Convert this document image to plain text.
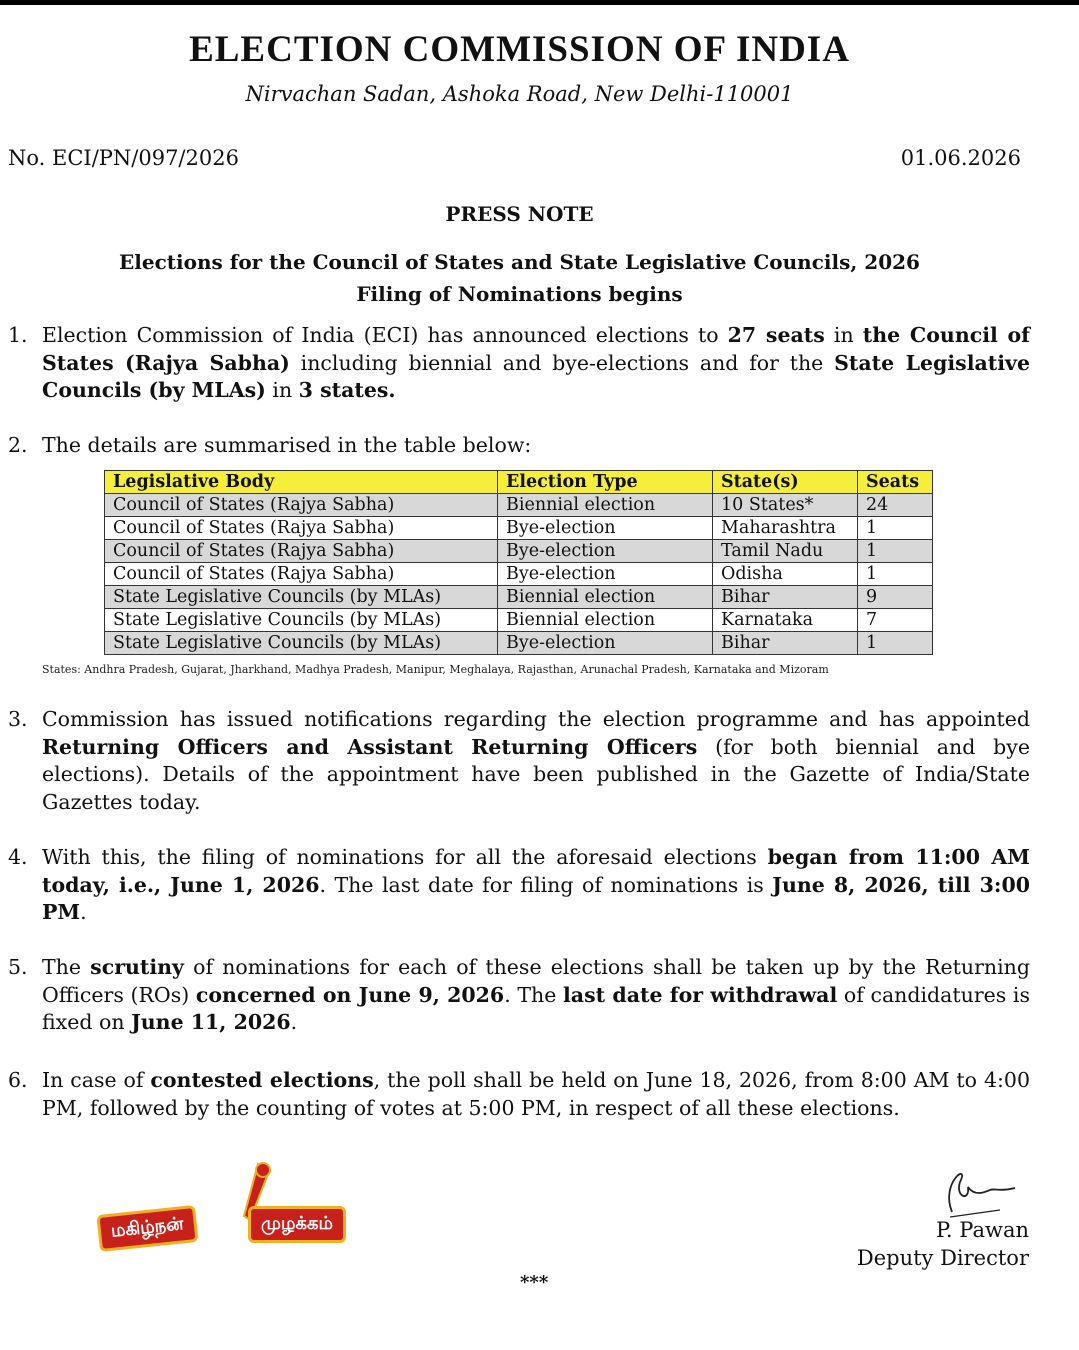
ELECTION COMMISSION OF INDIA
Nirvachan Sadan, Ashoka Road, New Delhi-110001
No. ECI/PN/097/2026	01.06.2026
PRESS NOTE
Elections for the Council of States and State Legislative Councils, 2026
Filing of Nominations begins
1. Election Commission of India (ECI) has announced elections to 27 seats in the Council of States (Rajya Sabha) including biennial and bye-elections and for the State Legislative Councils (by MLAs) in 3 states.
2. The details are summarised in the table below:
Legislative Body	Election Type	State(s)	Seats
Council of States (Rajya Sabha)	Biennial election	10 States*	24
Council of States (Rajya Sabha)	Bye-election	Maharashtra	1
Council of States (Rajya Sabha)	Bye-election	Tamil Nadu	1
Council of States (Rajya Sabha)	Bye-election	Odisha	1
State Legislative Councils (by MLAs)	Biennial election	Bihar	9
State Legislative Councils (by MLAs)	Biennial election	Karnataka	7
State Legislative Councils (by MLAs)	Bye-election	Bihar	1
States: Andhra Pradesh, Gujarat, Jharkhand, Madhya Pradesh, Manipur, Meghalaya, Rajasthan, Arunachal Pradesh, Karnataka and Mizoram
3. Commission has issued notifications regarding the election programme and has appointed Returning Officers and Assistant Returning Officers (for both biennial and bye elections). Details of the appointment have been published in the Gazette of India/State Gazettes today.
4. With this, the filing of nominations for all the aforesaid elections began from 11:00 AM today, i.e., June 1, 2026. The last date for filing of nominations is June 8, 2026, till 3:00 PM.
5. The scrutiny of nominations for each of these elections shall be taken up by the Returning Officers (ROs) concerned on June 9, 2026. The last date for withdrawal of candidatures is fixed on June 11, 2026.
6. In case of contested elections, the poll shall be held on June 18, 2026, from 8:00 AM to 4:00 PM, followed by the counting of votes at 5:00 PM, in respect of all these elections.
மகிழ்நன்	முழக்கம்	P. Pawan
Deputy Director
***
